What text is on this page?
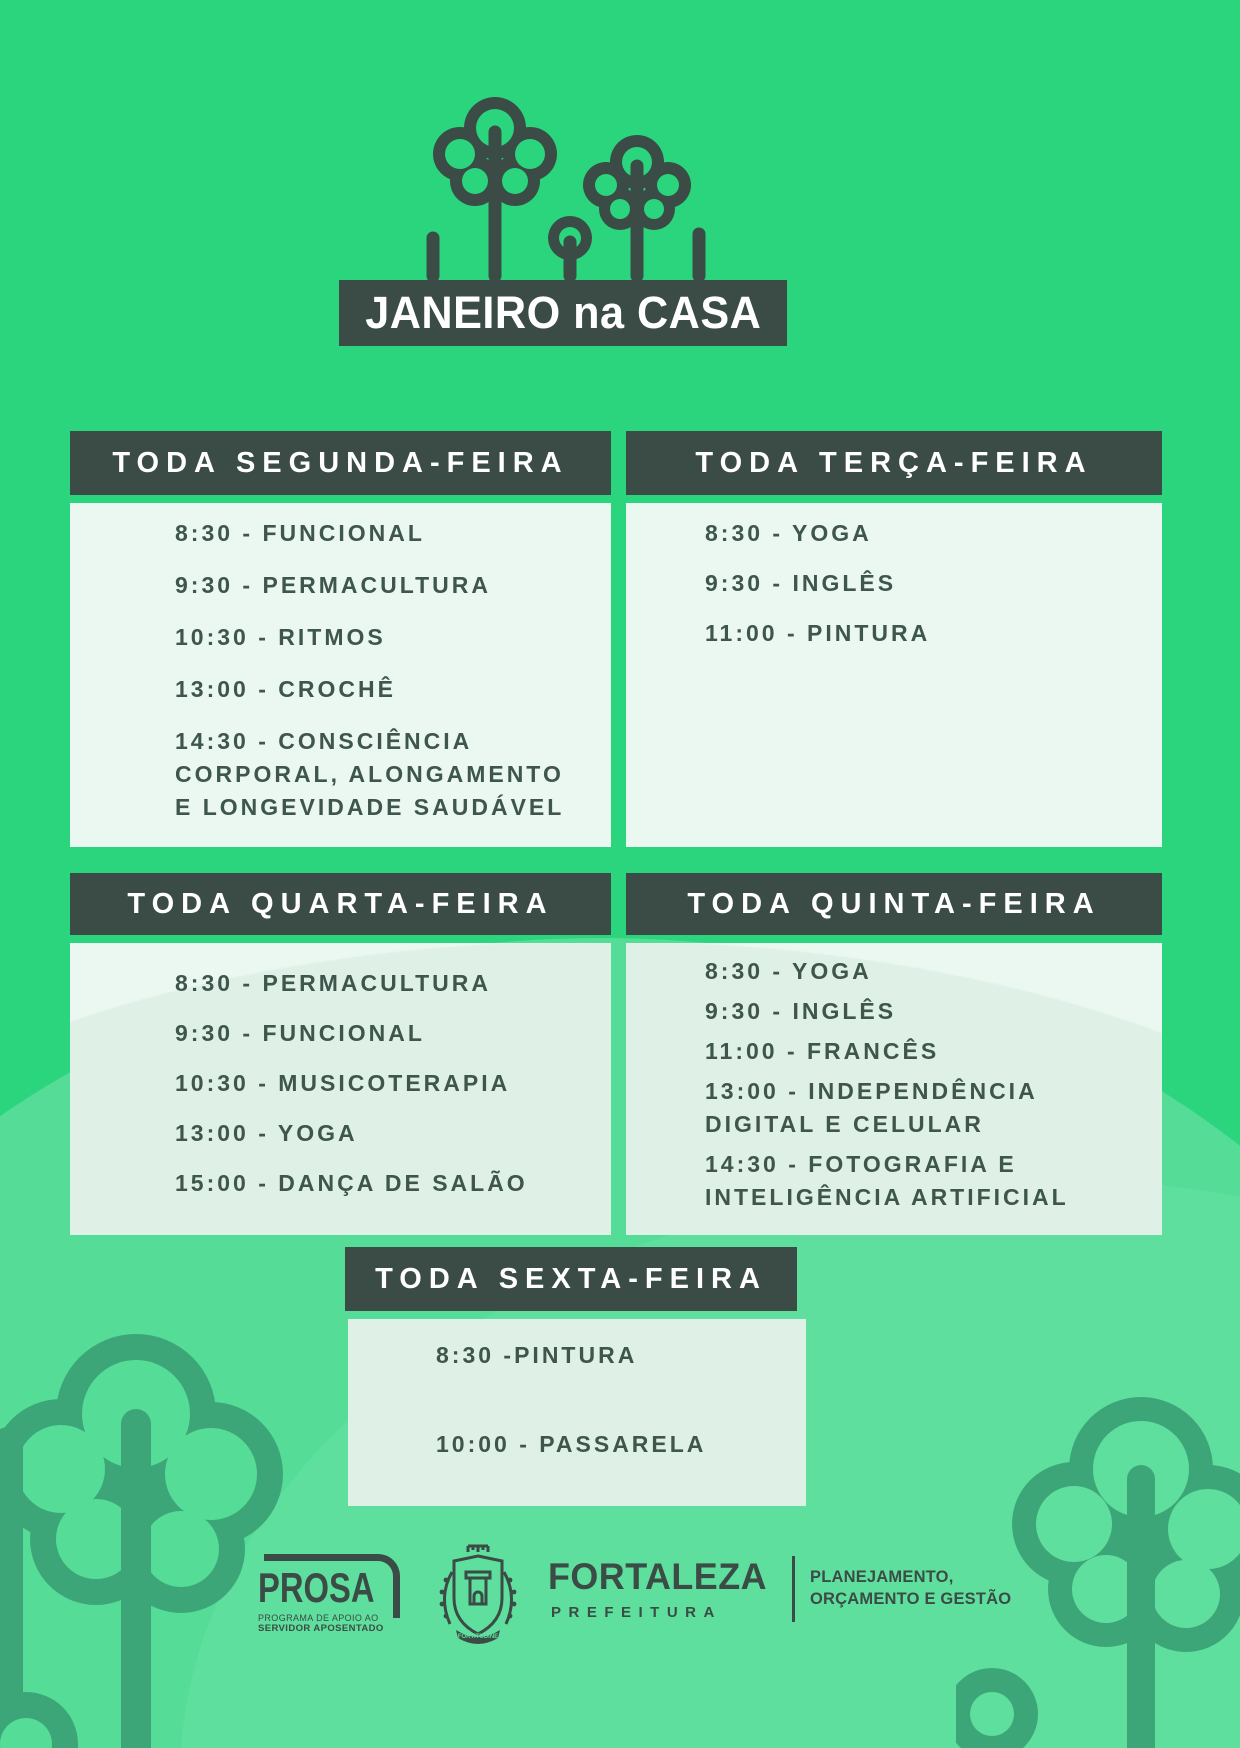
JANEIRO na CASA
TODA SEGUNDA-FEIRA
8:30 - FUNCIONAL
9:30 - PERMACULTURA
10:30 - RITMOS
13:00 - CROCHÊ
14:30 - CONSCIÊNCIA CORPORAL, ALONGAMENTO E LONGEVIDADE SAUDÁVEL
TODA TERÇA-FEIRA
8:30 - YOGA
9:30 - INGLÊS
11:00 - PINTURA
TODA QUARTA-FEIRA
8:30 - PERMACULTURA
9:30 - FUNCIONAL
10:30 - MUSICOTERAPIA
13:00 - YOGA
15:00 - DANÇA DE SALÃO
TODA QUINTA-FEIRA
8:30 - YOGA
9:30 - INGLÊS
11:00 - FRANCÊS
13:00 - INDEPENDÊNCIA DIGITAL E CELULAR
14:30 - FOTOGRAFIA E INTELIGÊNCIA ARTIFICIAL
TODA SEXTA-FEIRA
8:30 -PINTURA
10:00 - PASSARELA
PROSA
PROGRAMA DE APOIO AO
SERVIDOR APOSENTADO
FORTITUDINE
FORTALEZA
PREFEITURA
PLANEJAMENTO,
ORÇAMENTO E GESTÃO
